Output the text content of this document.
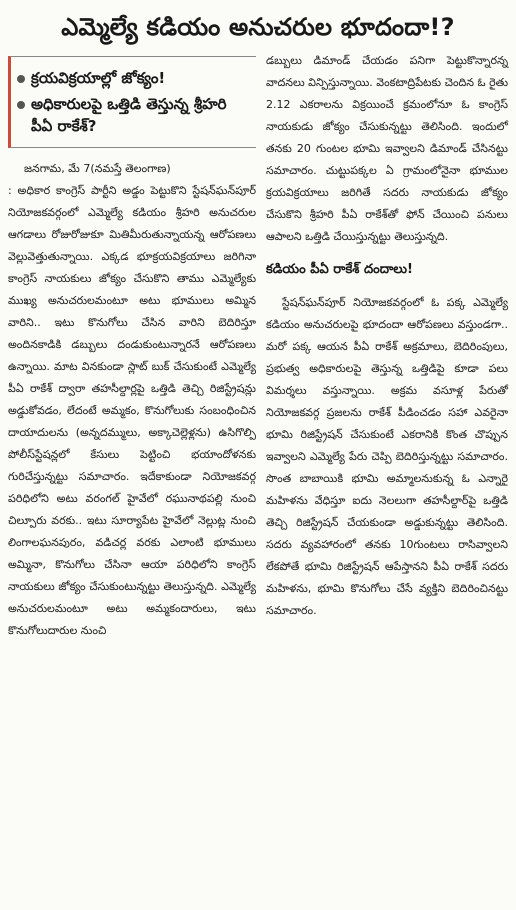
ఎమ్మెల్యే కడియం అనుచరుల భూదందా!?
క్రయవిక్రయాల్లో జోక్యం!
అధికారులపై ఒత్తిడి తెస్తున్న శ్రీహరి పీఏ రాకేశ్?
జనగామ, మే 7(నమస్తే తెలంగాణ)

: అధికార కాంగ్రెస్ పార్టీని అడ్డం పెట్టుకొని స్టేషన్‌ఘన్‌పూర్ నియోజకవర్గంలో ఎమ్మెల్యే కడియం శ్రీహరి అనుచరుల ఆగడాలు రోజురోజుకూ మితిమీరుతున్నాయన్న ఆరోపణలు వెల్లువెత్తుతున్నాయి. ఎక్కడ భూక్రయవిక్రయాలు జరిగినా కాంగ్రెస్ నాయకులు జోక్యం చేసుకొని తాము ఎమ్మెల్యేకు ముఖ్య అనుచరులమంటూ అటు భూములు అమ్మిన వారిని.. ఇటు కొనుగోలు చేసిన వారిని బెదిరిస్తూ అందినకాడికి డబ్బులు దండుకుంటున్నారనే ఆరోపణలు ఉన్నాయి. మాట వినకుండా స్లాట్ బుక్ చేసుకుంటే ఎమ్మెల్యే పీఏ రాకేశ్ ద్వారా తహసీల్దార్లపై ఒత్తిడి తెచ్చి రిజిస్ట్రేషన్లు అడ్డుకోవడం, లేదంటే అమ్మకం, కొనుగోలుకు సంబంధించిన దాయాదులను (అన్నదమ్ములు, అక్కాచెల్లెళ్లను) ఉసిగొల్పి పోలీస్‌స్టేషన్లలో కేసులు పెట్టించి భయాందోళనకు గురిచేస్తున్నట్టు సమాచారం. ఇదేకాకుండా నియోజకవర్గ పరిధిలోని అటు వరంగల్ హైవేలో రఘునాథపల్లి నుంచి చిల్పూరు వరకు.. ఇటు సూర్యాపేట హైవేలో నెల్లుట్ల నుంచి లింగాలఘనపురం, వడిచర్ల వరకు ఎలాంటి భూములు అమ్మినా, కొనుగోలు చేసినా ఆయా పరిధిలోని కాంగ్రెస్ నాయకులు జోక్యం చేసుకుంటున్నట్టు తెలుస్తున్నది. ఎమ్మెల్యే అనుచరులమంటూ అటు అమ్మకందారులు, ఇటు కొనుగోలుదారుల నుంచి

డబ్బులు డిమాండ్ చేయడం పనిగా పెట్టుకొన్నారన్న వాదనలు విన్పిస్తున్నాయి. వెంకటాద్రిపేటకు చెందిన ఓ రైతు 2.12 ఎకరాలను విక్రయించే క్రమంలోనూ ఓ కాంగ్రెస్ నాయకుడు జోక్యం చేసుకున్నట్టు తెలిసింది. ఇందులో తనకు 20 గుంటల భూమి ఇవ్వాలని డిమాండ్ చేసినట్టు సమాచారం. చుట్టుపక్కల ఏ గ్రామంలోనైనా భూముల క్రయవిక్రయాలు జరిగితే సదరు నాయకుడు జోక్యం చేసుకొని శ్రీహరి పీఏ రాకేశ్‌తో ఫోన్ చేయించి పనులు ఆపాలని ఒత్తిడి చేయిస్తున్నట్టు తెలుస్తున్నది.

కడియం పీఏ రాకేశ్ దందాలు!

స్టేషన్‌ఘన్‌పూర్ నియోజకవర్గంలో ఓ పక్క ఎమ్మెల్యే కడియం అనుచరులపై భూదందా ఆరోపణలు వస్తుండగా.. మరో పక్క ఆయన పీఏ రాకేశ్ అక్రమాలు, బెదిరింపులు, ప్రభుత్వ అధికారులపై తెస్తున్న ఒత్తిడిపై కూడా పలు విమర్శలు వస్తున్నాయి. అక్రమ వసూళ్ల పేరుతో నియోజకవర్గ ప్రజలను రాకేశ్ పీడించడం సహా ఎవరైనా భూమి రిజిస్ట్రేషన్ చేసుకుంటే ఎకరానికి కొంత చొప్పున ఇవ్వాలని ఎమ్మెల్యే పేరు చెప్పి బెదిరిస్తున్నట్టు సమాచారం. సొంత బాబాయికి భూమి అమ్మాలనుకున్న ఓ ఎన్నారై మహిళను వేధిస్తూ ఐదు నెలలుగా తహసీల్దార్‌పై ఒత్తిడి తెచ్చి రిజిస్ట్రేషన్ చేయకుండా అడ్డుకున్నట్టు తెలిసింది. సదరు వ్యవహారంలో తనకు 10గుంటలు రాసివ్వాలని లేకపోతే భూమి రిజిస్ట్రేషన్ ఆపేస్తానని పీఏ రాకేశ్ సదరు మహిళను, భూమి కొనుగోలు చేసే వ్యక్తిని బెదిరించినట్టు సమాచారం.
